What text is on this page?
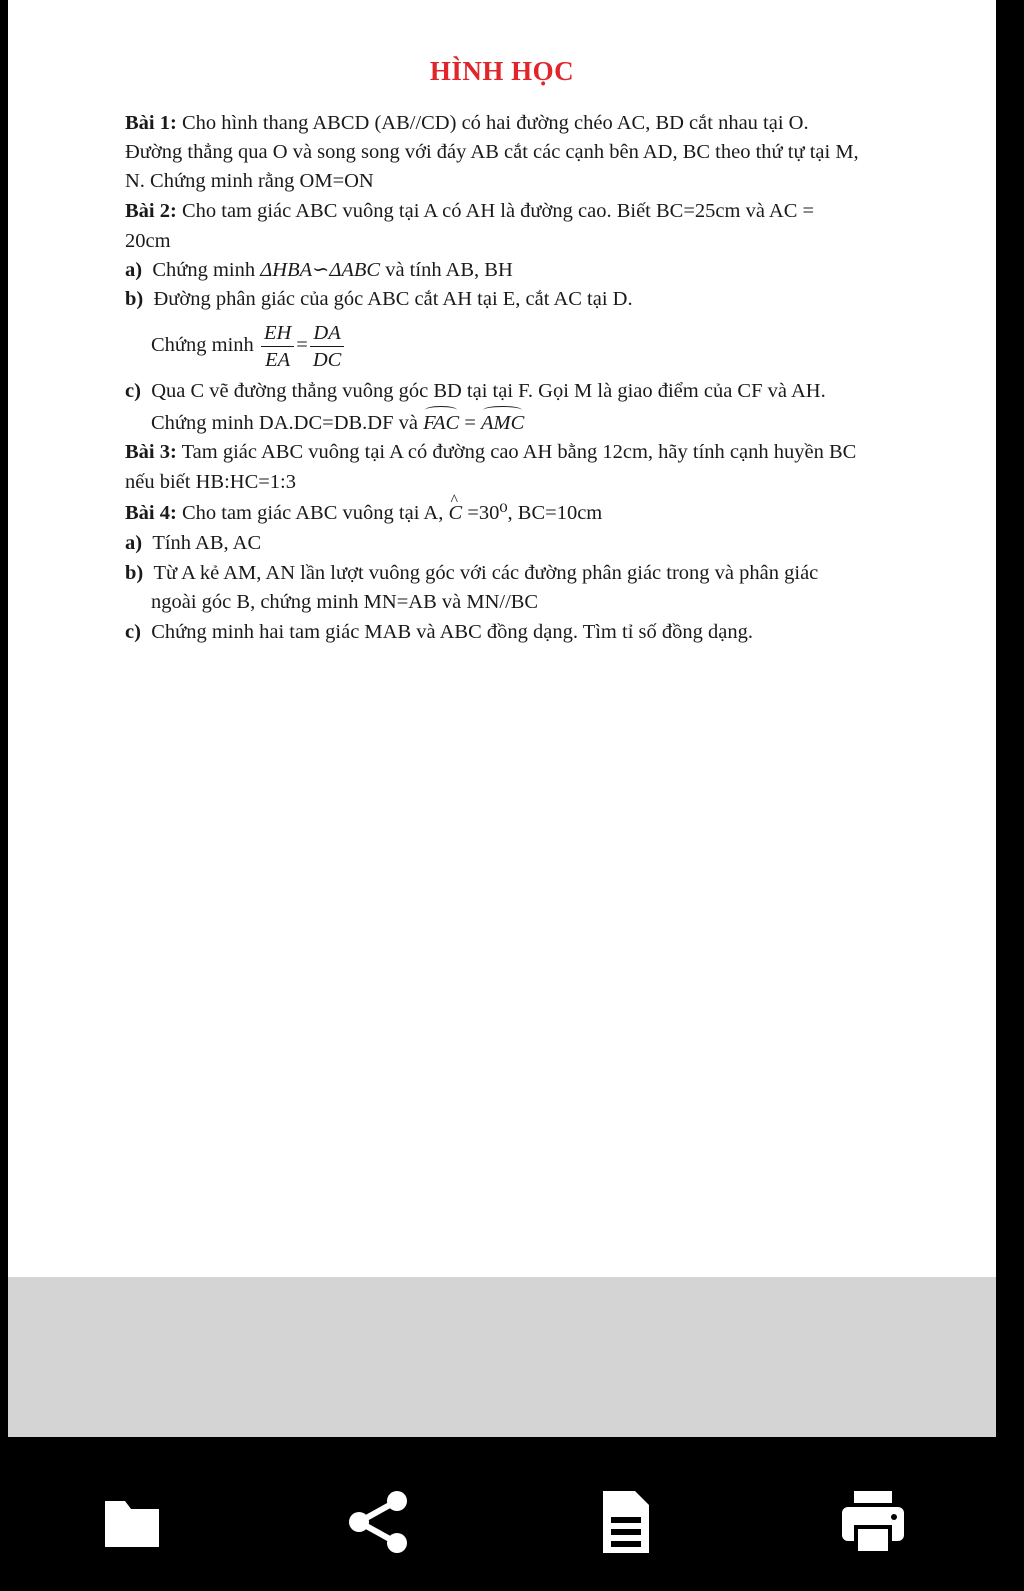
HÌNH HỌC
Bài 1: Cho hình thang ABCD (AB//CD) có hai đường chéo AC, BD cắt nhau tại O.
Đường thẳng qua O và song song với đáy AB cắt các cạnh bên AD, BC theo thứ tự tại M,
N. Chứng minh rằng OM=ON
Bài 2: Cho tam giác ABC vuông tại A có AH là đường cao. Biết BC=25cm và AC =
20cm
a) Chứng minh ΔHBA∽ΔABC và tính AB, BH
b) Đường phân giác của góc ABC cắt AH tại E, cắt AC tại D.
Chứng minh $\frac{EH}{EA} = \frac{DA}{DC}$
c) Qua C vẽ đường thẳng vuông góc BD tại tại F. Gọi M là giao điểm của CF và AH.
Chứng minh DA.DC=DB.DF và FAC = AMC
Bài 3: Tam giác ABC vuông tại A có đường cao AH bằng 12cm, hãy tính cạnh huyền BC
nếu biết HB:HC=1:3
Bài 4: Cho tam giác ABC vuông tại A, ^ C =30⁰, BC=10cm
a) Tính AB, AC
b) Từ A kẻ AM, AN lần lượt vuông góc với các đường phân giác trong và phân giác
ngoài góc B, chứng minh MN=AB và MN//BC
c) Chứng minh hai tam giác MAB và ABC đồng dạng. Tìm tỉ số đồng dạng.
